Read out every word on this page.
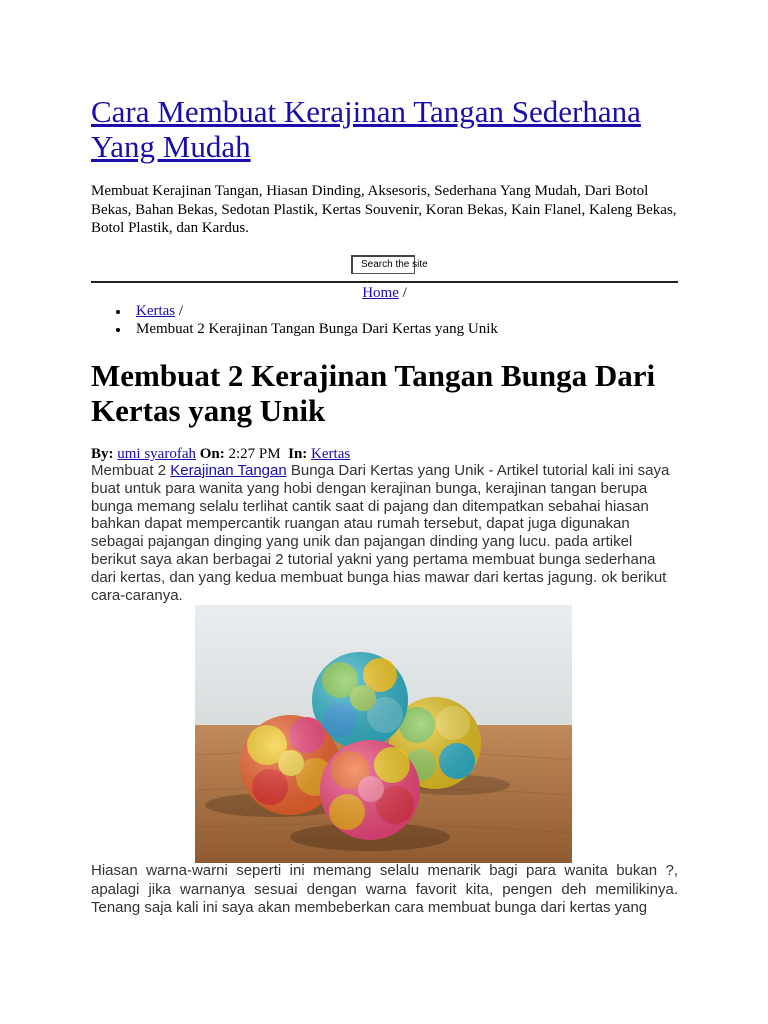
Cara Membuat Kerajinan Tangan Sederhana Yang Mudah

Membuat Kerajinan Tangan, Hiasan Dinding, Aksesoris, Sederhana Yang Mudah, Dari Botol Bekas, Bahan Bekas, Sedotan Plastik, Kertas Souvenir, Koran Bekas, Kain Flanel, Kaleng Bekas, Botol Plastik, dan Kardus.

Search the site
Home /
Kertas /
Membuat 2 Kerajinan Tangan Bunga Dari Kertas yang Unik
Membuat 2 Kerajinan Tangan Bunga Dari Kertas yang Unik
By: umi syarofah On: 2:27 PM In: Kertas

Membuat 2 Kerajinan Tangan Bunga Dari Kertas yang Unik - Artikel tutorial kali ini saya buat untuk para wanita yang hobi dengan kerajinan bunga, kerajinan tangan berupa bunga memang selalu terlihat cantik saat di pajang dan ditempatkan sebahai hiasan bahkan dapat mempercantik ruangan atau rumah tersebut, dapat juga digunakan sebagai pajangan dinging yang unik dan pajangan dinding yang lucu. pada artikel berikut saya akan berbagai 2 tutorial yakni yang pertama membuat bunga sederhana dari kertas, dan yang kedua membuat bunga hias mawar dari kertas jagung. ok berikut cara-caranya.

Hiasan warna-warni seperti ini memang selalu menarik bagi para wanita bukan ?, apalagi jika warnanya sesuai dengan warna favorit kita, pengen deh memilikinya. Tenang saja kali ini saya akan membeberkan cara membuat bunga dari kertas yang
